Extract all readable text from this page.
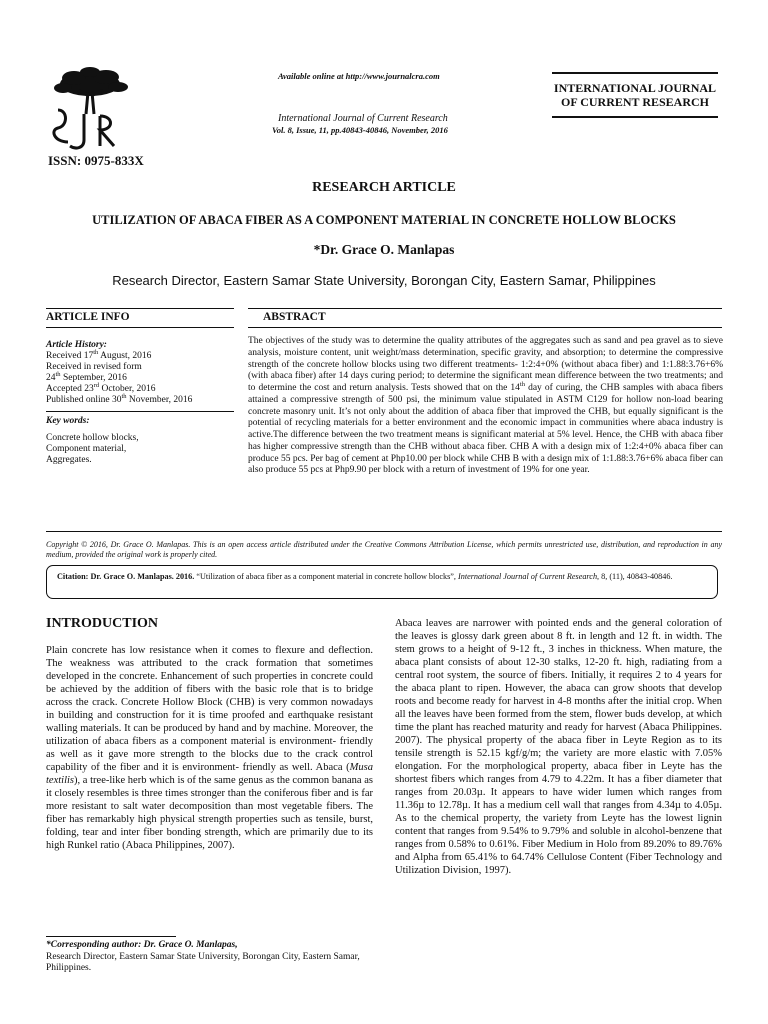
ISSN: 0975-833X
Available online at http://www.journalcra.com
International Journal of Current Research
Vol. 8, Issue, 11, pp.40843-40846, November, 2016
INTERNATIONAL JOURNAL
OF CURRENT RESEARCH
RESEARCH ARTICLE
UTILIZATION OF ABACA FIBER AS A COMPONENT MATERIAL IN CONCRETE HOLLOW BLOCKS
*Dr. Grace O. Manlapas
Research Director, Eastern Samar State University, Borongan City, Eastern Samar, Philippines
ARTICLE INFO	ABSTRACT
Article History:
Received 17th August, 2016
Received in revised form
24th September, 2016
Accepted 23rd October, 2016
Published online 30th November, 2016
Key words:
Concrete hollow blocks,
Component material,
Aggregates.
The objectives of the study was to determine the quality attributes of the aggregates such as sand and pea gravel as to sieve analysis, moisture content, unit weight/mass determination, specific gravity, and absorption; to determine the compressive strength of the concrete hollow blocks using two different treatments- 1:2:4+0% (without abaca fiber) and 1:1.88:3.76+6% (with abaca fiber) after 14 days curing period; to determine the significant mean difference between the two treatments; and to determine the cost and return analysis. Tests showed that on the 14th day of curing, the CHB samples with abaca fibers attained a compressive strength of 500 psi, the minimum value stipulated in ASTM C129 for hollow non-load bearing concrete masonry unit. It’s not only about the addition of abaca fiber that improved the CHB, but equally significant is the potential of recycling materials for a better environment and the economic impact in communities where abaca industry is active.The difference between the two treatment means is significant material at 5% level. Hence, the CHB with abaca fiber has higher compressive strength than the CHB without abaca fiber. CHB A with a design mix of 1:2:4+0% abaca fiber can produce 55 pcs. Per bag of cement at Php10.00 per block while CHB B with a design mix of 1:1.88:3.76+6% abaca fiber can also produce 55 pcs at Php9.90 per block with a return of investment of 19% for one year.
Copyright © 2016, Dr. Grace O. Manlapas. This is an open access article distributed under the Creative Commons Attribution License, which permits unrestricted use, distribution, and reproduction in any medium, provided the original work is properly cited.
Citation: Dr. Grace O. Manlapas. 2016. “Utilization of abaca fiber as a component material in concrete hollow blocks”, International Journal of Current Research, 8, (11), 40843-40846.
INTRODUCTION

Plain concrete has low resistance when it comes to flexure and deflection. The weakness was attributed to the crack formation that sometimes developed in the concrete. Enhancement of such properties in concrete could be achieved by the addition of fibers with the basic role that is to bridge across the crack. Concrete Hollow Block (CHB) is very common nowadays in building and construction for it is time proofed and earthquake resistant walling materials. It can be produced by hand and by machine. Moreover, the utilization of abaca fibers as a component material is environment- friendly as well as it gave more strength to the blocks due to the crack control capability of the fiber and it is environment- friendly as well. Abaca (Musa textilis), a tree-like herb which is of the same genus as the common banana as it closely resembles is three times stronger than the coniferous fiber and is far more resistant to salt water decomposition than most vegetable fibers. The fiber has remarkably high physical strength properties such as tensile, burst, folding, tear and inter fiber bonding strength, which are primarily due to its high Runkel ratio (Abaca Philippines, 2007).

Abaca leaves are narrower with pointed ends and the general coloration of the leaves is glossy dark green about 8 ft. in length and 12 ft. in width. The stem grows to a height of 9-12 ft., 3 inches in thickness. When mature, the abaca plant consists of about 12-30 stalks, 12-20 ft. high, radiating from a central root system, the source of fibers. Initially, it requires 2 to 4 years for the abaca plant to ripen. However, the abaca can grow shoots that develop roots and become ready for harvest in 4-8 months after the initial crop. When all the leaves have been formed from the stem, flower buds develop, at which time the plant has reached maturity and ready for harvest (Abaca Philippines. 2007). The physical property of the abaca fiber in Leyte Region as to its tensile strength is 52.15 kgf/g/m; the variety are more elastic with 7.05% elongation. For the morphological property, abaca fiber in Leyte has the shortest fibers which ranges from 4.79 to 4.22m. It has a fiber diameter that ranges from 20.03µ. It appears to have wider lumen which ranges from 11.36µ to 12.78µ. It has a medium cell wall that ranges from 4.34µ to 4.05µ. As to the chemical property, the variety from Leyte has the lowest lignin content that ranges from 9.54% to 9.79% and soluble in alcohol-benzene that ranges from 0.58% to 0.61%. Fiber Medium in Holo from 89.20% to 89.76% and Alpha from 65.41% to 64.74% Cellulose Content (Fiber Technology and Utilization Division, 1997).

*Corresponding author: Dr. Grace O. Manlapas,
Research Director, Eastern Samar State University, Borongan City, Eastern Samar, Philippines.
